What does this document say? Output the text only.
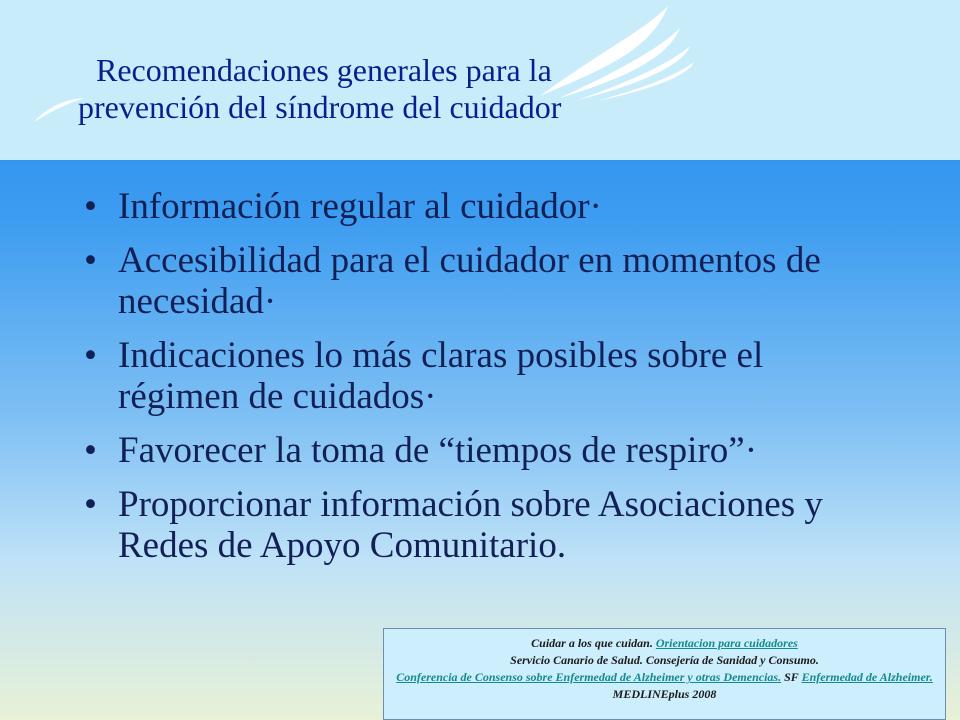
Recomendaciones generales para la
prevención del síndrome del cuidador
• Información regular al cuidador·
• Accesibilidad para el cuidador en momentos de necesidad·
• Indicaciones lo más claras posibles sobre el régimen de cuidados·
• Favorecer la toma de “tiempos de respiro”·
• Proporcionar información sobre Asociaciones y Redes de Apoyo Comunitario.
Cuidar a los que cuidan. Orientacion para cuidadores
Servicio Canario de Salud. Consejería de Sanidad y Consumo.
Conferencia de Consenso sobre Enfermedad de Alzheimer y otras Demencias. SF Enfermedad de Alzheimer. MEDLINEplus 2008
